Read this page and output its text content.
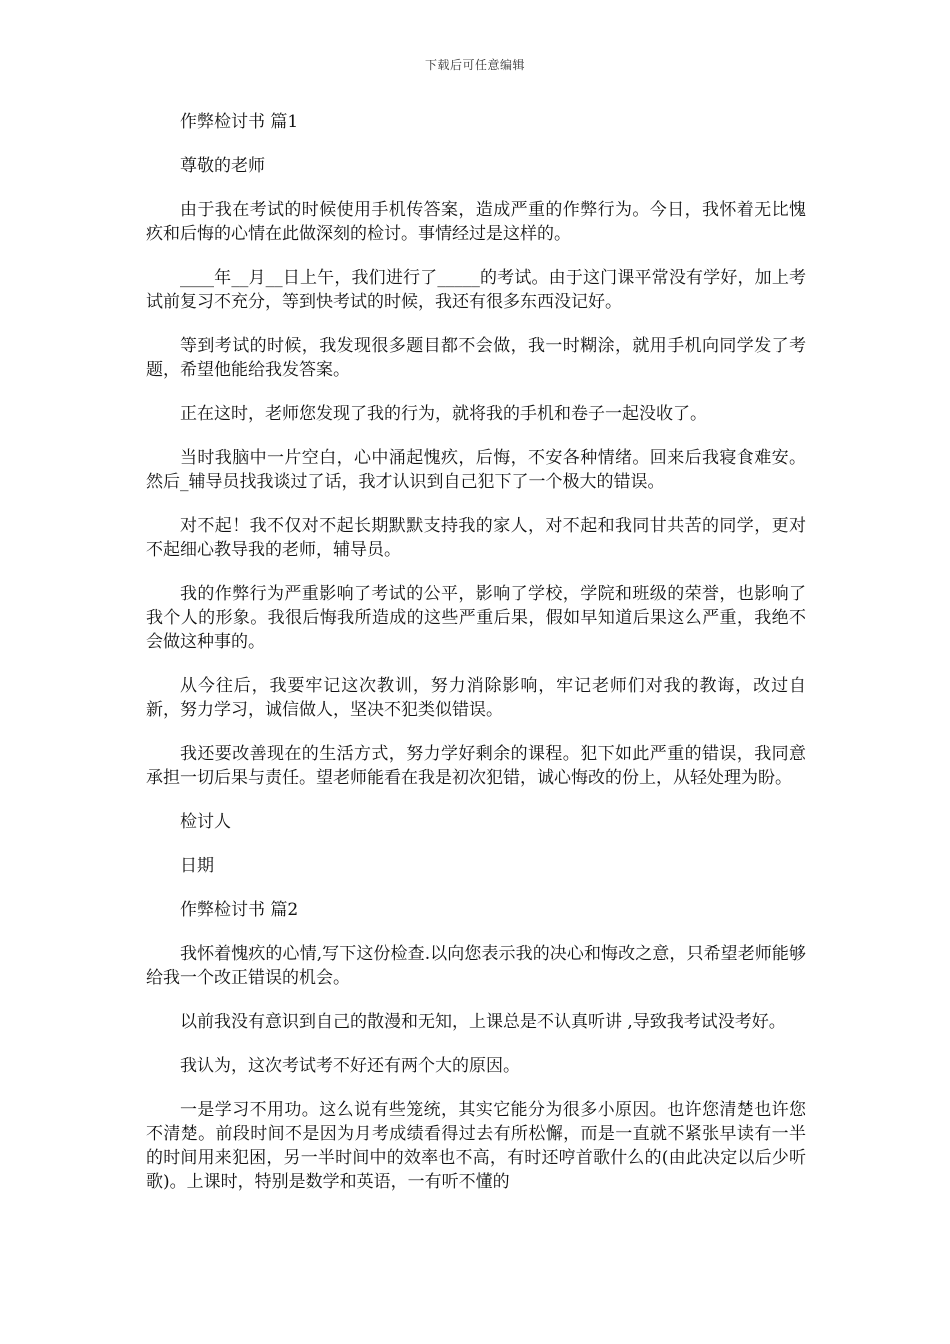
下载后可任意编辑

作弊检讨书 篇1

尊敬的老师

由于我在考试的时候使用手机传答案，造成严重的作弊行为。今日，我怀着无比愧疚和后悔的心情在此做深刻的检讨。事情经过是这样的。

____年__月__日上午，我们进行了_____的考试。由于这门课平常没有学好，加上考试前复习不充分，等到快考试的时候，我还有很多东西没记好。

等到考试的时候，我发现很多题目都不会做，我一时糊涂，就用手机向同学发了考题，希望他能给我发答案。

正在这时，老师您发现了我的行为，就将我的手机和卷子一起没收了。

当时我脑中一片空白，心中涌起愧疚，后悔，不安各种情绪。回来后我寝食难安。然后_辅导员找我谈过了话，我才认识到自己犯下了一个极大的错误。

对不起！我不仅对不起长期默默支持我的家人，对不起和我同甘共苦的同学，更对不起细心教导我的老师，辅导员。

我的作弊行为严重影响了考试的公平，影响了学校，学院和班级的荣誉，也影响了我个人的形象。我很后悔我所造成的这些严重后果，假如早知道后果这么严重，我绝不会做这种事的。

从今往后，我要牢记这次教训，努力消除影响，牢记老师们对我的教诲，改过自新，努力学习，诚信做人，坚决不犯类似错误。

我还要改善现在的生活方式，努力学好剩余的课程。犯下如此严重的错误，我同意承担一切后果与责任。望老师能看在我是初次犯错，诚心悔改的份上，从轻处理为盼。

检讨人

日期

作弊检讨书 篇2

我怀着愧疚的心情,写下这份检查.以向您表示我的决心和悔改之意，只希望老师能够给我一个改正错误的机会。

以前我没有意识到自己的散漫和无知，上课总是不认真听讲 ,导致我考试没考好。

我认为，这次考试考不好还有两个大的原因。

一是学习不用功。这么说有些笼统，其实它能分为很多小原因。也许您清楚也许您不清楚。前段时间不是因为月考成绩看得过去有所松懈，而是一直就不紧张早读有一半的时间用来犯困，另一半时间中的效率也不高，有时还哼首歌什么的(由此决定以后少听歌)。上课时，特别是数学和英语，一有听不懂的
